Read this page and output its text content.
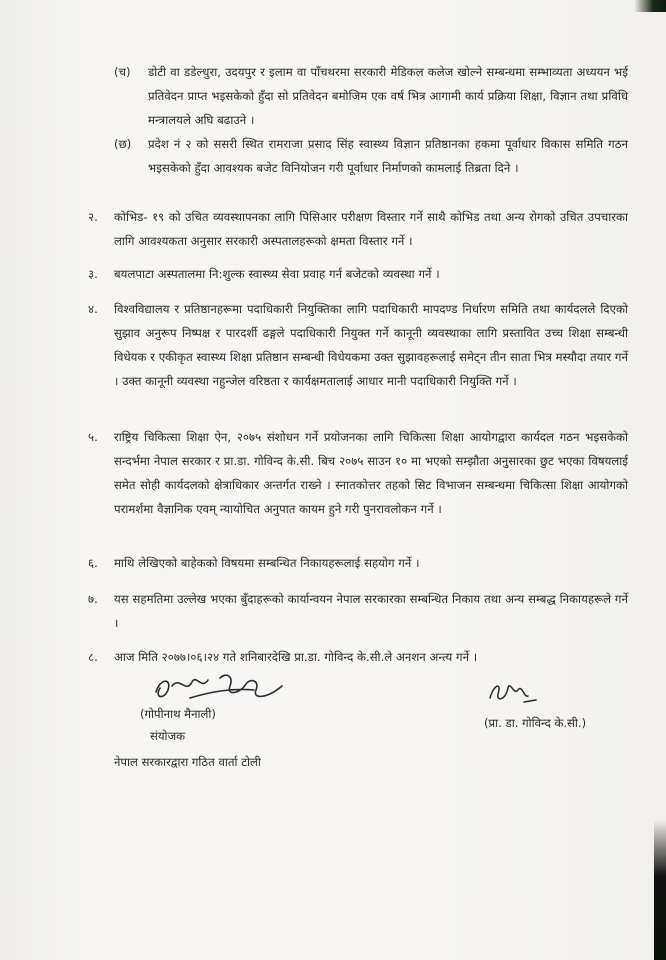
(च) डोटी वा डडेल्धुरा, उदयपुर र इलाम वा पाँचथरमा सरकारी मेडिकल कलेज खोल्ने सम्बन्धमा सम्भाव्यता अध्ययन भई प्रतिवेदन प्राप्त भइसकेको हुँदा सो प्रतिवेदन बमोजिम एक वर्ष भित्र आगामी कार्य प्रक्रिया शिक्षा, विज्ञान तथा प्रविधि मन्त्रालयले अघि बढाउने ।
(छ) प्रदेश नं २ को ससरी स्थित रामराजा प्रसाद सिंह स्वास्थ्य विज्ञान प्रतिष्ठानका हकमा पूर्वाधार विकास समिति गठन भइसकेको हुँदा आवश्यक बजेट विनियोजन गरी पूर्वाधार निर्माणको कामलाई तिब्रता दिने ।
२. कोभिड- १९ को उचित व्यवस्थापनका लागि पिसिआर परीक्षण विस्तार गर्ने साथै कोभिड तथा अन्य रोगको उचित उपचारका लागि आवश्यकता अनुसार सरकारी अस्पतालहरूको क्षमता विस्तार गर्ने ।
३. बयलपाटा अस्पतालमा नि:शुल्क स्वास्थ्य सेवा प्रवाह गर्न बजेटको व्यवस्था गर्ने ।
४. विश्वविद्यालय र प्रतिष्ठानहरूमा पदाधिकारी नियुक्तिका लागि पदाधिकारी मापदण्ड निर्धारण समिति तथा कार्यदलले दिएको सुझाव अनुरूप निष्पक्ष र पारदर्शी ढङ्गले पदाधिकारी नियुक्त गर्ने कानूनी व्यवस्थाका लागि प्रस्तावित उच्च शिक्षा सम्बन्धी विधेयक र एकीकृत स्वास्थ्य शिक्षा प्रतिष्ठान सम्बन्धी विधेयकमा उक्त सुझावहरूलाई समेट्न तीन साता भित्र मस्यौदा तयार गर्ने । उक्त कानूनी व्यवस्था नहुन्जेल वरिष्ठता र कार्यक्षमतालाई आधार मानी पदाधिकारी नियुक्ति गर्ने ।
५. राष्ट्रिय चिकित्सा शिक्षा ऐन, २०७५ संशोधन गर्ने प्रयोजनका लागि चिकित्सा शिक्षा आयोगद्वारा कार्यदल गठन भइसकेको सन्दर्भमा नेपाल सरकार र प्रा.डा. गोविन्द के.सी. बिच २०७५ साउन १० मा भएको सम्झौता अनुसारका छुट भएका विषयलाई समेत सोही कार्यदलको क्षेत्राधिकार अन्तर्गत राख्ने । स्नातकोत्तर तहको सिट विभाजन सम्बन्धमा चिकित्सा शिक्षा आयोगको परामर्शमा वैज्ञानिक एवम् न्यायोचित अनुपात कायम हुने गरी पुनरावलोकन गर्ने ।
६. माथि लेखिएको बाहेकको विषयमा सम्बन्धित निकायहरूलाई सहयोग गर्ने ।
७. यस सहमतिमा उल्लेख भएका बुँदाहरूको कार्यान्वयन नेपाल सरकारका सम्बन्धित निकाय तथा अन्य सम्बद्ध निकायहरूले गर्ने ।
८. आज मिति २०७७।०६।२४ गते शनिबारदेखि प्रा.डा. गोविन्द के.सी.ले अनशन अन्त्य गर्ने ।
(गोपीनाथ मैनाली)
संयोजक
नेपाल सरकारद्वारा गठित वार्ता टोली
(प्रा. डा. गोविन्द के.सी.)
